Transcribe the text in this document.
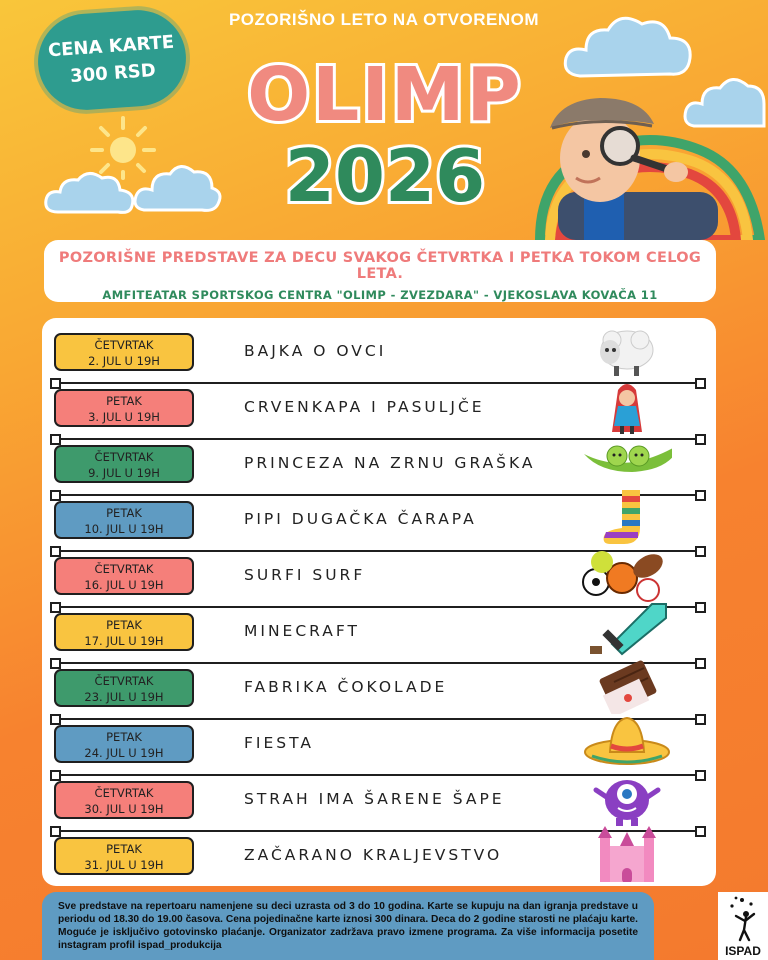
POZORIŠNO LETO NA OTVORENOM
CENA KARTE
300 RSD OLIMP
2026
POZORIŠNE PREDSTAVE ZA DECU SVAKOG ČETVRTKA I PETKA TOKOM CELOG LETA.
AMFITEATAR SPORTSKOG CENTRA "OLIMP - ZVEZDARA" - VJEKOSLAVA KOVAČA 11
ČETVRTAK
2. JUL U 19H
BAJKA O OVCI
PETAK
3. JUL U 19H
CRVENKAPA I PASULJČE
ČETVRTAK
9. JUL U 19H
PRINCEZA NA ZRNU GRAŠKA
PETAK
10. JUL U 19H
PIPI DUGAČKA ČARAPA
ČETVRTAK
16. JUL U 19H
SURFI SURF
PETAK
17. JUL U 19H
MINECRAFT
ČETVRTAK
23. JUL U 19H
FABRIKA ČOKOLADE
PETAK
24. JUL U 19H
FIESTA
ČETVRTAK
30. JUL U 19H
STRAH IMA ŠARENE ŠAPE
PETAK
31. JUL U 19H
ZAČARANO KRALJEVSTVO
Sve predstave na repertoaru namenjene su deci uzrasta od 3 do 10 godina. Karte se kupuju na dan igranja predstave u periodu od 18.30 do 19.00 časova. Cena pojedinačne karte iznosi 300 dinara. Deca do 2 godine starosti ne plaćaju karte. Moguće je isključivo gotovinsko plaćanje. Organizator zadržava pravo izmene programa. Za više informacija posetite instagram profil ispad_produkcija	ISPAD
